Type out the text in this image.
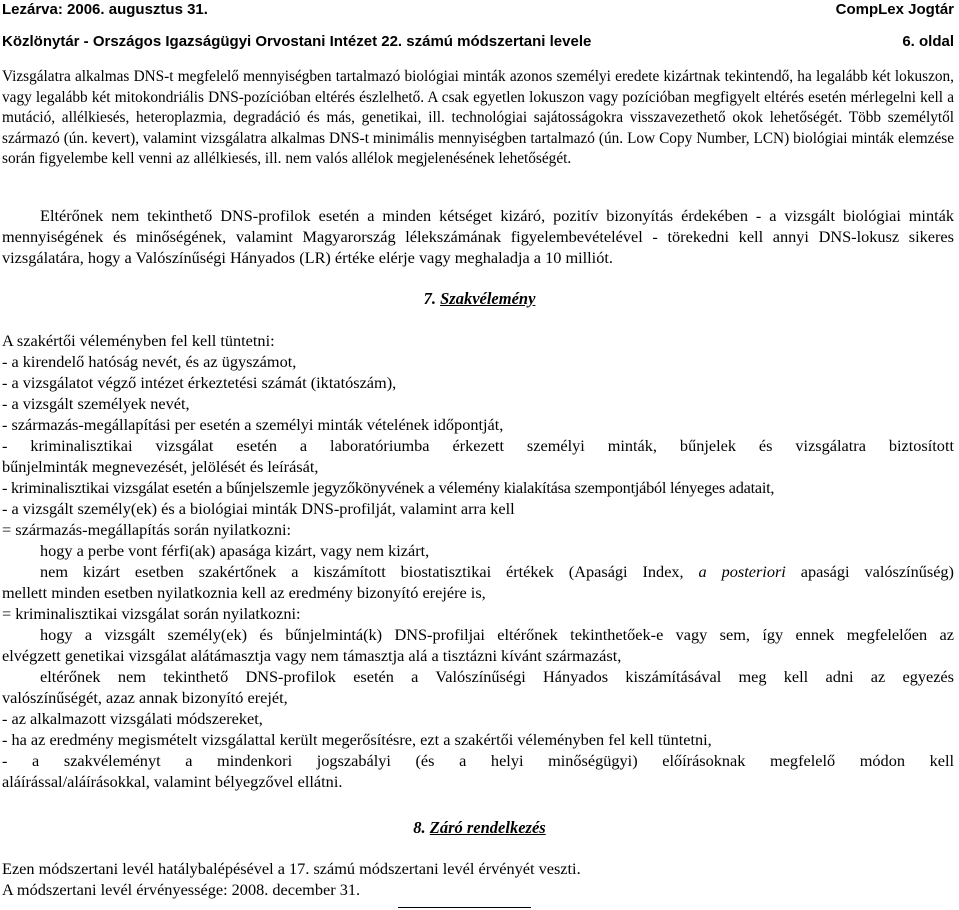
Lezárva: 2006. augusztus 31.	CompLex Jogtár
Közlönytár - Országos Igazságügyi Orvostani Intézet 22. számú módszertani levele	6. oldal

Vizsgálatra alkalmas DNS-t megfelelő mennyiségben tartalmazó biológiai minták azonos személyi eredete kizártnak tekintendő, ha legalább két lokuszon, vagy legalább két mitokondriális DNS-pozícióban eltérés észlelhető. A csak egyetlen lokuszon vagy pozícióban megfigyelt eltérés esetén mérlegelni kell a mutáció, allélkiesés, heteroplazmia, degradáció és más, genetikai, ill. technológiai sajátosságokra visszavezethető okok lehetőségét. Több személytől származó (ún. kevert), valamint vizsgálatra alkalmas DNS-t minimális mennyiségben tartalmazó (ún. Low Copy Number, LCN) biológiai minták elemzése során figyelembe kell venni az allélkiesés, ill. nem valós allélok megjelenésének lehetőségét.

Eltérőnek nem tekinthető DNS-profilok esetén a minden kétséget kizáró, pozitív bizonyítás érdekében - a vizsgált biológiai minták mennyiségének és minőségének, valamint Magyarország lélekszámának figyelembevételével - törekedni kell annyi DNS-lokusz sikeres vizsgálatára, hogy a Valószínűségi Hányados (LR) értéke elérje vagy meghaladja a 10 milliót.

7. Szakvélemény
A szakértői véleményben fel kell tüntetni:
- a kirendelő hatóság nevét, és az ügyszámot,
- a vizsgálatot végző intézet érkeztetési számát (iktatószám),
- a vizsgált személyek nevét,
- származás-megállapítási per esetén a személyi minták vételének időpontját,
- kriminalisztikai vizsgálat esetén a laboratóriumba érkezett személyi minták, bűnjelek és vizsgálatra biztosított
bűnjelminták megnevezését, jelölését és leírását,
- kriminalisztikai vizsgálat esetén a bűnjelszemle jegyzőkönyvének a vélemény kialakítása szempontjából lényeges adatait,
- a vizsgált személy(ek) és a biológiai minták DNS-profilját, valamint arra kell
= származás-megállapítás során nyilatkozni:
hogy a perbe vont férfi(ak) apasága kizárt, vagy nem kizárt,
nem kizárt esetben szakértőnek a kiszámított biostatisztikai értékek (Apasági Index, a posteriori apasági valószínűség)
mellett minden esetben nyilatkoznia kell az eredmény bizonyító erejére is,
= kriminalisztikai vizsgálat során nyilatkozni:
hogy a vizsgált személy(ek) és bűnjelmintá(k) DNS-profiljai eltérőnek tekinthetőek-e vagy sem, így ennek megfelelően az
elvégzett genetikai vizsgálat alátámasztja vagy nem támasztja alá a tisztázni kívánt származást,
eltérőnek nem tekinthető DNS-profilok esetén a Valószínűségi Hányados kiszámításával meg kell adni az egyezés
valószínűségét, azaz annak bizonyító erejét,
- az alkalmazott vizsgálati módszereket,
- ha az eredmény megismételt vizsgálattal került megerősítésre, ezt a szakértői véleményben fel kell tüntetni,
- a szakvéleményt a mindenkori jogszabályi (és a helyi minőségügyi) előírásoknak megfelelő módon kell
aláírással/aláírásokkal, valamint bélyegzővel ellátni.
8. Záró rendelkezés
Ezen módszertani levél hatálybalépésével a 17. számú módszertani levél érvényét veszti.
A módszertani levél érvényessége: 2008. december 31.
